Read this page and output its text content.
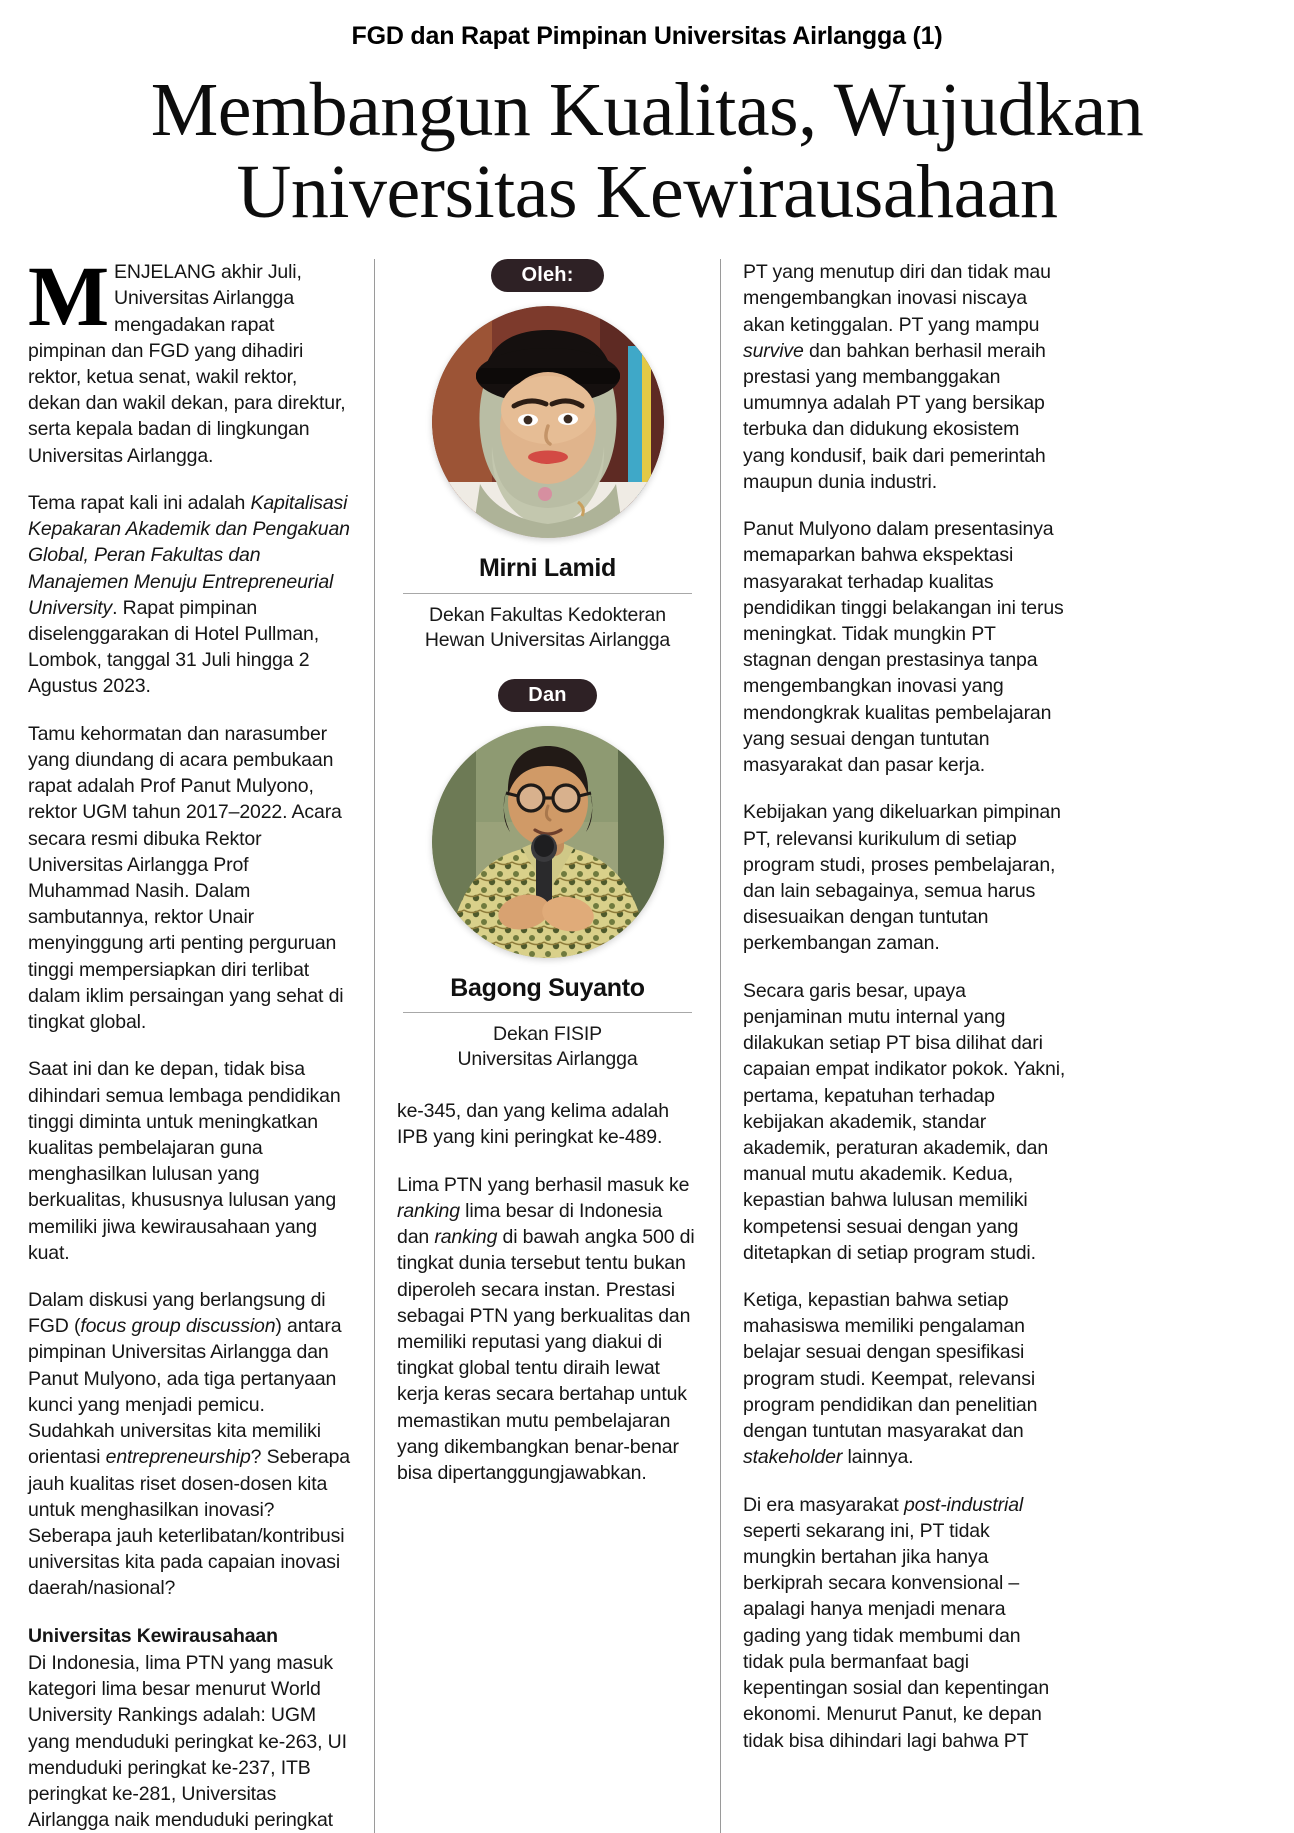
FGD dan Rapat Pimpinan Universitas Airlangga (1)
Membangun Kualitas, Wujudkan
Universitas Kewirausahaan

MENJELANG akhir Juli, Universitas Airlangga mengadakan rapat pimpinan dan FGD yang dihadiri rektor, ketua senat, wakil rektor, dekan dan wakil dekan, para direktur, serta kepala badan di lingkungan Universitas Airlangga.

Tema rapat kali ini adalah Kapitalisasi Kepakaran Akademik dan Pengakuan Global, Peran Fakultas dan Manajemen Menuju Entrepreneurial University. Rapat pimpinan diselenggarakan di Hotel Pullman, Lombok, tanggal 31 Juli hingga 2 Agustus 2023.

Tamu kehormatan dan narasumber yang diundang di acara pembukaan rapat adalah Prof Panut Mulyono, rektor UGM tahun 2017–2022. Acara secara resmi dibuka Rektor Universitas Airlangga Prof Muhammad Nasih. Dalam sambutannya, rektor Unair menyinggung arti penting perguruan tinggi mempersiapkan diri terlibat dalam iklim persaingan yang sehat di tingkat global.

Saat ini dan ke depan, tidak bisa dihindari semua lembaga pendidikan tinggi diminta untuk meningkatkan kualitas pembelajaran guna menghasilkan lulusan yang berkualitas, khususnya lulusan yang memiliki jiwa kewirausahaan yang kuat.

Dalam diskusi yang berlangsung di FGD (focus group discussion) antara pimpinan Universitas Airlangga dan Panut Mulyono, ada tiga pertanyaan kunci yang menjadi pemicu. Sudahkah universitas kita memiliki orientasi entrepreneurship? Seberapa jauh kualitas riset dosen-dosen kita untuk menghasilkan inovasi? Seberapa jauh keterlibatan/kontribusi universitas kita pada capaian inovasi daerah/nasional?

Universitas Kewirausahaan
Di Indonesia, lima PTN yang masuk kategori lima besar menurut World University Rankings adalah: UGM yang menduduki peringkat ke-263, UI menduduki peringkat ke-237, ITB peringkat ke-281, Universitas Airlangga naik menduduki peringkat

Oleh:
Mirni Lamid
Dekan Fakultas Kedokteran
Hewan Universitas Airlangga
Dan
Bagong Suyanto
Dekan FISIP
Universitas Airlangga

ke-345, dan yang kelima adalah IPB yang kini peringkat ke-489.

Lima PTN yang berhasil masuk ke ranking lima besar di Indonesia dan ranking di bawah angka 500 di tingkat dunia tersebut tentu bukan diperoleh secara instan. Prestasi sebagai PTN yang berkualitas dan memiliki reputasi yang diakui di tingkat global tentu diraih lewat kerja keras secara bertahap untuk memastikan mutu pembelajaran yang dikembangkan benar-benar bisa dipertanggungjawabkan.

PT yang menutup diri dan tidak mau mengembangkan inovasi niscaya akan ketinggalan. PT yang mampu survive dan bahkan berhasil meraih prestasi yang membanggakan umumnya adalah PT yang bersikap terbuka dan didukung ekosistem yang kondusif, baik dari pemerintah maupun dunia industri.

Panut Mulyono dalam presentasinya memaparkan bahwa ekspektasi masyarakat terhadap kualitas pendidikan tinggi belakangan ini terus meningkat. Tidak mungkin PT stagnan dengan prestasinya tanpa mengembangkan inovasi yang mendongkrak kualitas pembelajaran yang sesuai dengan tuntutan masyarakat dan pasar kerja.

Kebijakan yang dikeluarkan pimpinan PT, relevansi kurikulum di setiap program studi, proses pembelajaran, dan lain sebagainya, semua harus disesuaikan dengan tuntutan perkembangan zaman.

Secara garis besar, upaya penjaminan mutu internal yang dilakukan setiap PT bisa dilihat dari capaian empat indikator pokok. Yakni, pertama, kepatuhan terhadap kebijakan akademik, standar akademik, peraturan akademik, dan manual mutu akademik. Kedua, kepastian bahwa lulusan memiliki kompetensi sesuai dengan yang ditetapkan di setiap program studi.

Ketiga, kepastian bahwa setiap mahasiswa memiliki pengalaman belajar sesuai dengan spesifikasi program studi. Keempat, relevansi program pendidikan dan penelitian dengan tuntutan masyarakat dan stakeholder lainnya.

Di era masyarakat post-industrial seperti sekarang ini, PT tidak mungkin bertahan jika hanya berkiprah secara konvensional –apalagi hanya menjadi menara gading yang tidak membumi dan tidak pula bermanfaat bagi kepentingan sosial dan kepentingan ekonomi. Menurut Panut, ke depan tidak bisa dihindari lagi bahwa PT
